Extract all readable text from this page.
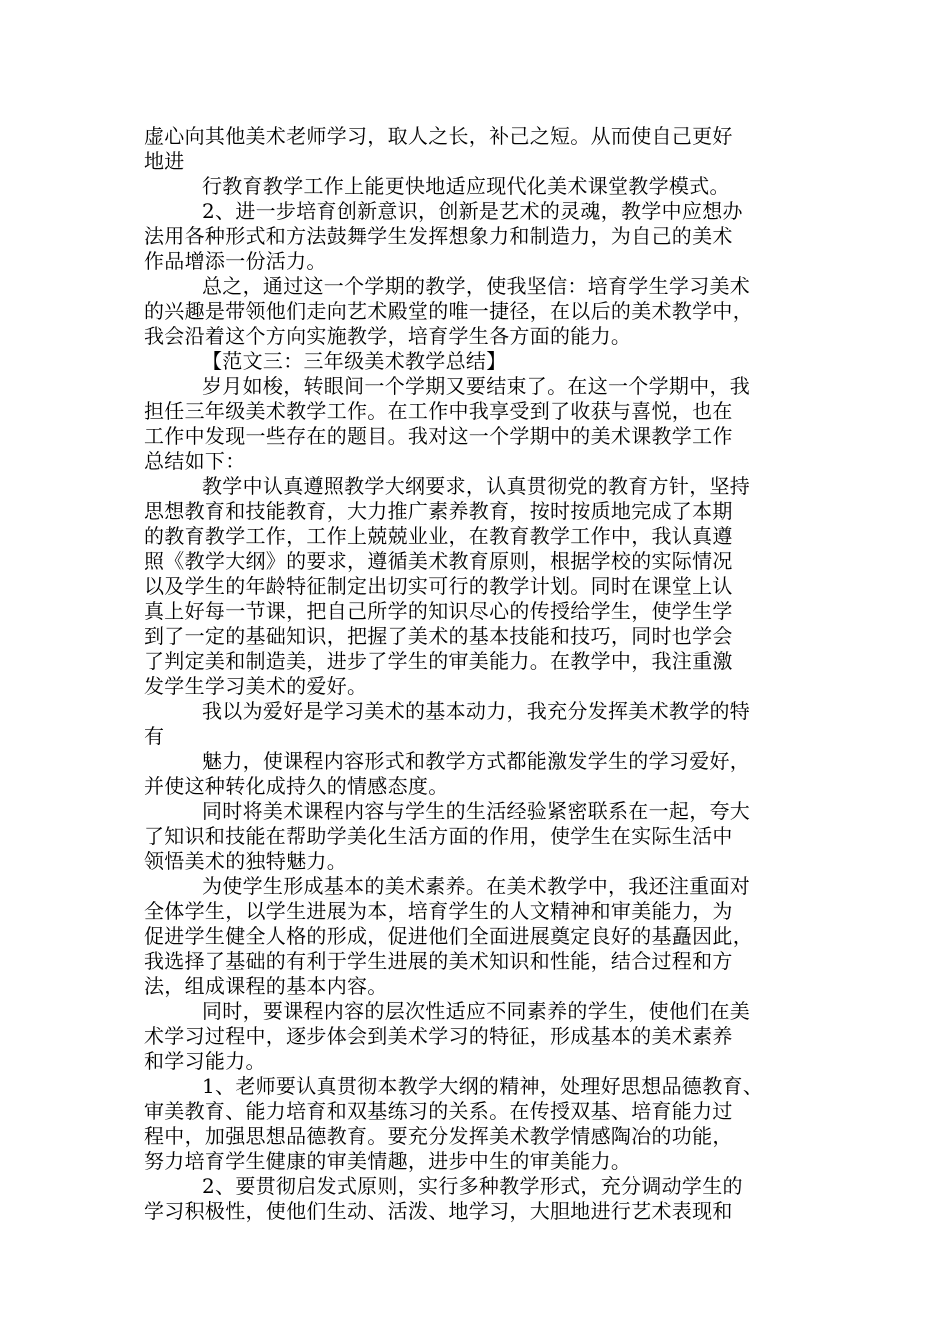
虚心向其他美术老师学习，取人之长，补己之短。从而使自己更好
地进
行教育教学工作上能更快地适应现代化美术课堂教学模式。
2、进一步培育创新意识，创新是艺术的灵魂，教学中应想办
法用各种形式和方法鼓舞学生发挥想象力和制造力，为自己的美术
作品增添一份活力。
总之，通过这一个学期的教学，使我坚信：培育学生学习美术
的兴趣是带领他们走向艺术殿堂的唯一捷径，在以后的美术教学中，
我会沿着这个方向实施教学，培育学生各方面的能力。
【范文三：三年级美术教学总结】
岁月如梭，转眼间一个学期又要结束了。在这一个学期中，我
担任三年级美术教学工作。在工作中我享受到了收获与喜悦，也在
工作中发现一些存在的题目。我对这一个学期中的美术课教学工作
总结如下：
教学中认真遵照教学大纲要求，认真贯彻党的教育方针，坚持
思想教育和技能教育，大力推广素养教育，按时按质地完成了本期
的教育教学工作，工作上兢兢业业，在教育教学工作中，我认真遵
照《教学大纲》的要求，遵循美术教育原则，根据学校的实际情况
以及学生的年龄特征制定出切实可行的教学计划。同时在课堂上认
真上好每一节课，把自己所学的知识尽心的传授给学生，使学生学
到了一定的基础知识，把握了美术的基本技能和技巧，同时也学会
了判定美和制造美，进步了学生的审美能力。在教学中，我注重激
发学生学习美术的爱好。
我以为爱好是学习美术的基本动力，我充分发挥美术教学的特
有
魅力，使课程内容形式和教学方式都能激发学生的学习爱好，
并使这种转化成持久的情感态度。
同时将美术课程内容与学生的生活经验紧密联系在一起，夸大
了知识和技能在帮助学美化生活方面的作用，使学生在实际生活中
领悟美术的独特魅力。
为使学生形成基本的美术素养。在美术教学中，我还注重面对
全体学生，以学生进展为本，培育学生的人文精神和审美能力，为
促进学生健全人格的形成，促进他们全面进展奠定良好的基矗因此，
我选择了基础的有利于学生进展的美术知识和性能，结合过程和方
法，组成课程的基本内容。
同时，要课程内容的层次性适应不同素养的学生，使他们在美
术学习过程中，逐步体会到美术学习的特征，形成基本的美术素养
和学习能力。
1、老师要认真贯彻本教学大纲的精神，处理好思想品德教育、
审美教育、能力培育和双基练习的关系。在传授双基、培育能力过
程中，加强思想品德教育。要充分发挥美术教学情感陶冶的功能，
努力培育学生健康的审美情趣，进步中生的审美能力。
2、要贯彻启发式原则，实行多种教学形式，充分调动学生的
学习积极性，使他们生动、活泼、地学习，大胆地进行艺术表现和
